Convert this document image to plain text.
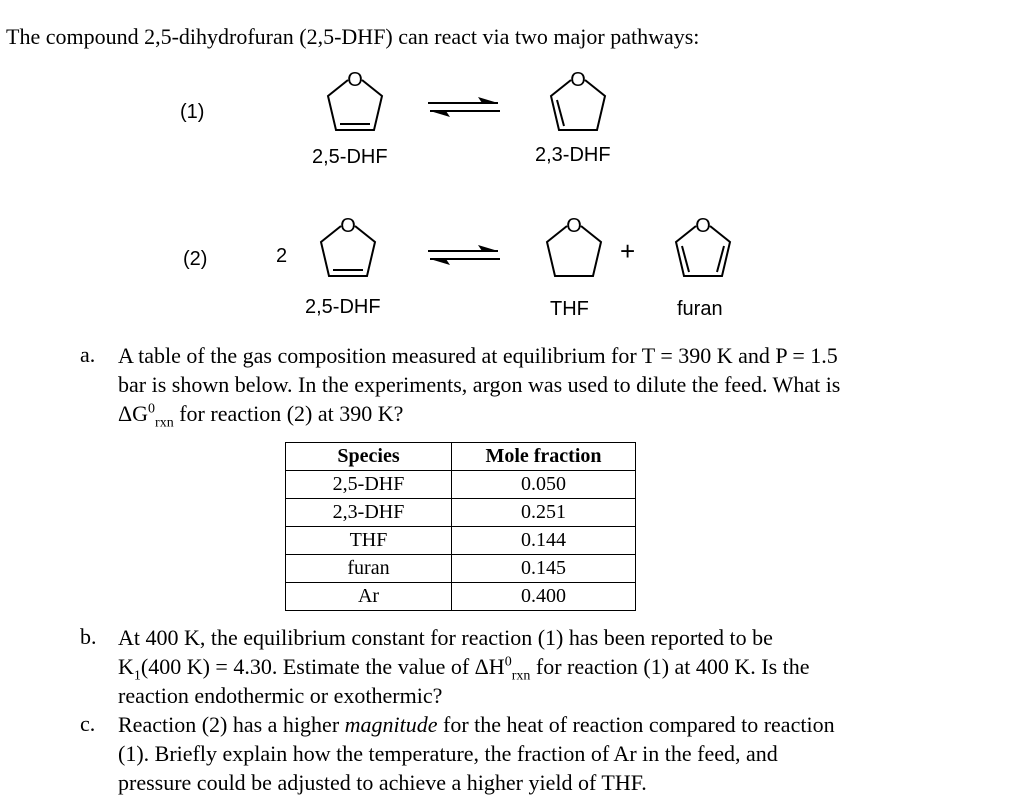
The compound 2,5-dihydrofuran (2,5-DHF) can react via two major pathways:
(1)
O	O
2,5-DHF	2,3-DHF
(2)	2
O	O
+
O
2,5-DHF	THF	furan
a. A table of the gas composition measured at equilibrium for T = 390 K and P = 1.5
bar is shown below. In the experiments, argon was used to dilute the feed. What is
$\Delta G^0_{rxn}$ for reaction (2) at 390 K?
Species	Mole fraction
2,5-DHF	0.050
2,3-DHF	0.251
THF	0.144
furan	0.145
Ar	0.400
b. At 400 K, the equilibrium constant for reaction (1) has been reported to be
$K_1(400$ K) = 4.30. Estimate the value of $\Delta H^0_{rxn}$ for reaction (1) at 400 K. Is the
reaction endothermic or exothermic?
c. Reaction (2) has a higher magnitude for the heat of reaction compared to reaction
(1). Briefly explain how the temperature, the fraction of Ar in the feed, and
pressure could be adjusted to achieve a higher yield of THF.
